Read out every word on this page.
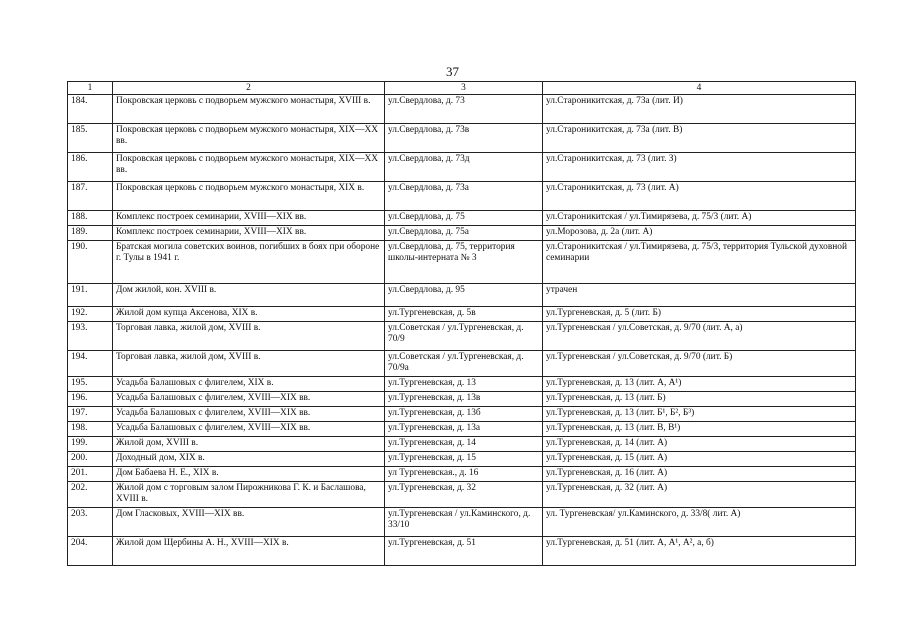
37
1	2	3	4
184.	Покровская церковь с подворьем мужского монастыря, XVIII в.	ул.Свердлова, д. 73	ул.Староникитская, д. 73а (лит. И)
185.	Покровская церковь с подворьем мужского монастыря, XIX—XX вв.	ул.Свердлова, д. 73в	ул.Староникитская, д. 73а (лит. В)
186.	Покровская церковь с подворьем мужского монастыря, XIX—XX вв.	ул.Свердлова, д. 73д	ул.Староникитская, д. 73 (лит. З)
187.	Покровская церковь с подворьем мужского монастыря, XIX в.	ул.Свердлова, д. 73а	ул.Староникитская, д. 73 (лит. А)
188.	Комплекс построек семинарии, XVIII—XIX вв.	ул.Свердлова, д. 75	ул.Староникитская / ул.Тимирязева, д. 75/3 (лит. А)
189.	Комплекс построек семинарии, XVIII—XIX вв.	ул.Свердлова, д. 75а	ул.Морозова, д. 2а (лит. А)
190.	Братская могила советских воинов, погибших в боях при обороне г. Тулы в 1941 г.	ул.Свердлова, д. 75, территория школы-интерната № 3	ул.Староникитская / ул.Тимирязева, д. 75/3, территория Тульской духовной семинарии
191.	Дом жилой, кон. XVIII в.	ул.Свердлова, д. 95	утрачен
192.	Жилой дом купца Аксенова, XIX в.	ул.Тургеневская, д. 5в	ул.Тургеневская, д. 5 (лит. Б)
193.	Торговая лавка, жилой дом, XVIII в.	ул.Советская / ул.Тургеневская, д. 70/9	ул.Тургеневская / ул.Советская, д. 9/70 (лит. А, а)
194.	Торговая лавка, жилой дом, XVIII в.	ул.Советская / ул.Тургеневская, д. 70/9а	ул.Тургеневская / ул.Советская, д. 9/70 (лит. Б)
195.	Усадьба Балашовых с флигелем, XIX в.	ул.Тургеневская, д. 13	ул.Тургеневская, д. 13 (лит. А, А¹)
196.	Усадьба Балашовых с флигелем, XVIII—XIX вв.	ул.Тургеневская, д. 13в	ул.Тургеневская, д. 13 (лит. Б)
197.	Усадьба Балашовых с флигелем, XVIII—XIX вв.	ул.Тургеневская, д. 13б	ул.Тургеневская, д. 13 (лит. Б¹, Б², Б³)
198.	Усадьба Балашовых с флигелем, XVIII—XIX вв.	ул.Тургеневская, д. 13а	ул.Тургеневская, д. 13 (лит. В, В¹)
199.	Жилой дом, XVIII в.	ул.Тургеневская, д. 14	ул.Тургеневская, д. 14 (лит. А)
200.	Доходный дом, XIX в.	ул.Тургеневская, д. 15	ул.Тургеневская, д. 15 (лит. А)
201.	Дом Бабаева Н. Е., XIX в.	ул Тургеневская., д. 16	ул.Тургеневская, д. 16 (лит. А)
202.	Жилой дом с торговым залом Пирожникова Г. К. и Баслашова, XVIII в.	ул.Тургеневская, д. 32	ул.Тургеневская, д. 32 (лит. А)
203.	Дом Гласковых, XVIII—XIX вв.	ул.Тургеневская / ул.Каминского, д. 33/10	ул. Тургеневская/ ул.Каминского, д. 33/8( лит. А)
204.	Жилой дом Щербины А. Н., XVIII—XIX в.	ул.Тургеневская, д. 51	ул.Тургеневская, д. 51 (лит. А, А¹, А², а, б)
